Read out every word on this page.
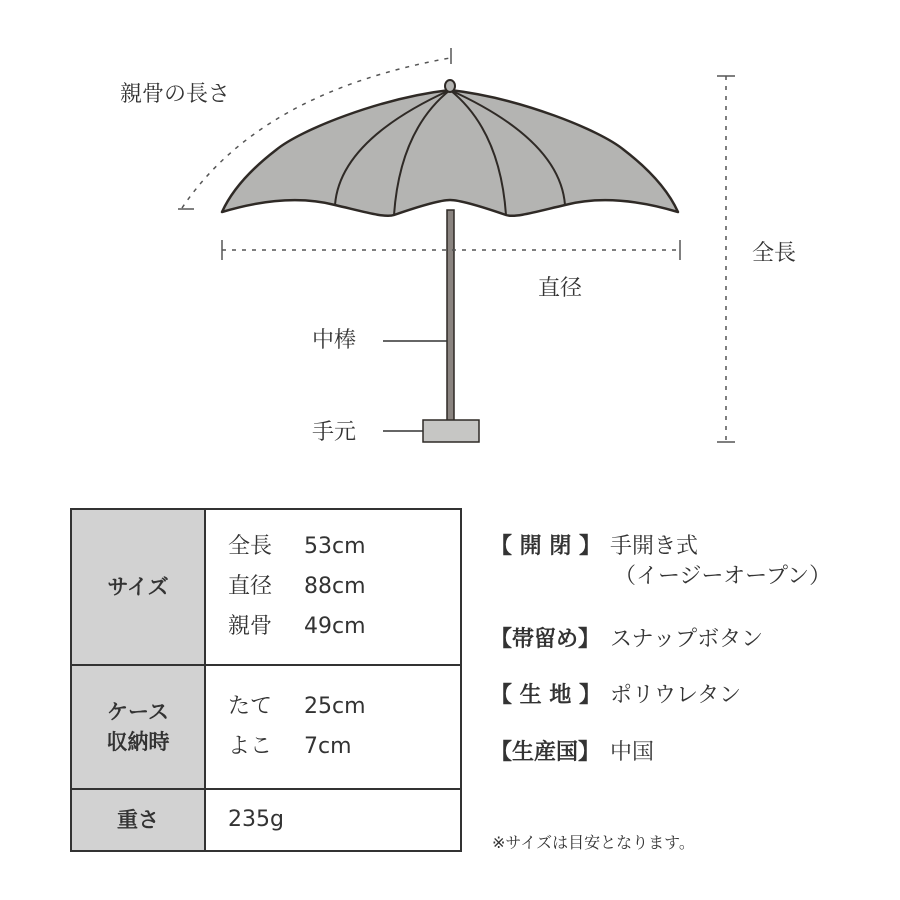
親骨の長さ
全長
直径
中棒
手元
サイズ
全長 53cm
直径 88cm
親骨 49cm
ケース
収納時
たて 25cm
よこ 7cm
重さ	235g
【 開 閉 】 手開き式
（イージーオープン）
【帯留め】 スナップボタン
【 生 地 】 ポリウレタン
【生産国】 中国
※サイズは目安となります。
